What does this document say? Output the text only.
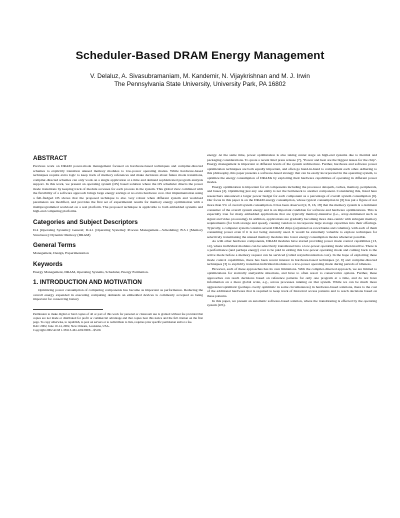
Scheduler-Based DRAM Energy Management
V. Delaluz, A. Sivasubramaniam, M. Kandemir, N. Vijaykrishnan and M. J. Irwin
The Pennsylvania State University, University Park, PA 16802
ABSTRACT

Previous work on DRAM power-mode management focused on hardware-based techniques and compiler-directed schemes to explicitly transition unused memory modules to low-power operating modes. While hardware-based techniques require extra logic to keep track of memory references and make decisions about future mode transitions, compiler-directed schemes can only work on a single application at a time and demand sophisticated program analysis support. In this work, we present an operating system (OS) based solution where the OS scheduler directs the power mode transitions by keeping track of module accesses for each process in the system. This global view combined with the flexibility of a software approach brings large energy savings at no extra hardware cost. Our implementation using a full-fledged OS shows that the proposed technique is also very robust when different system and workload parameters are modified, and provides the first set of experimental results for memory energy optimization with a multiprogrammed workload on a real platform. The proposed technique is applicable to both embedded systems and high-end computing platforms.

Categories and Subject Descriptors

D.4 [Operating Systems]: General; D.4.1 [Operating Systems]: Process Management—Scheduling; B.3.1 [Memory Structures]: Dynamic Memory (DRAM)

General Terms

Management, Design, Experimentation

Keywords

Energy Management, DRAM, Operating Systems, Scheduler, Energy Estimation.

1. INTRODUCTION AND MOTIVATION

Optimizing power consumption of computing components has become as important as performance. Reducing the overall energy expended in executing computing demands an embedded devices is commonly accepted as being important for conserving battery

Permission to make digital or hard copies of all or part of this work for personal or classroom use is granted without fee provided that copies are not made or distributed for profit or commercial advantage and that copies bear this notice and the full citation on the first page. To copy otherwise, to republish, to post on servers or to redistribute to lists, requires prior specific permission and/or a fee.

DAC 2002, June 10-14, 2002, New Orleans, Louisiana, USA.

Copyright 2002 ACM 1-58113-461-4/02/0006 ...$5.00.

energy. At the same time, power optimization is also taking center stage on high-end systems due to thermal and packaging considerations. To quote a recent Intel press release [7], "Power and heat are the biggest issues for the chip". Energy management is important at different levels of the system architecture. Further, hardware and software power optimization techniques are both equally important, and often go hand-in-hand to complement each other. Adhering to this philosophy, this paper presents a software-based strategy that can be easily incorporated in the operating system, to optimize the energy consumption of DRAMs by exploiting their hardware capabilities of operating in different power modes.

Energy optimization is important for all components including the processor datapath, caches, memory, peripherals, and buses [2]. Optimizing just any one entity is not the bottleneck to another component. Considering this, listed here researchers announced a larger power budget for each component as a percentage of overall system consumption [6]. Our focus in this paper is on the DRAM energy consumption, whose typical consumption in [6] has put a figure of not more than 5% of overall system consumption. It has been observed [2, 8, 16, 18] that the memory system is a dominant consumer of the overall system energy and is an important candidate for software and hardware optimizations. This is especially true for many embedded applications that are typically memory-intensive (i.e., array-dominated such as signal and video processing). In addition, applications are gradually becoming more data-centric with stringent memory requirements (for both storage and speed), causing vendors to incorporate large storage capacities into their offerings. Typically, a computer system contains several DRAM chips (organized as rows/banks and columns), with each of them consuming power even if it is not being currently used. It would be extremely valuable to explore techniques for selectively transitioning the unused memory modules into lower energy consumption modes whenever possible.

As with other hardware components, DRAM modules have started providing power mode control capabilities [13, 14], where individual modules can be selectively transitioned into a low-power operating mode when inactive. There is a performance (and perhaps energy) cost to be paid in exiting this low-power operating mode and coming back to the active mode before a memory request can be serviced (called resynchronization cost). In the hope of exploiting these mode control capabilities, there has been recent interest in hardware-based techniques [2, 9] and compiler-directed techniques [3] to explicitly transition individual modules to a low-power operating mode during periods of idleness.

However, each of these approaches has its own limitations. With the compiler-directed approach, we are limited to optimizations for statically analyzable situations, and have to often resort to conservative options. Further, these approaches can reach decisions based on reference patterns for only one program at a time, and do not have information on a more global scale, e.g., across processes running on that system. While we can be much more aggressive/optimistic (perhaps overly optimistic in some circumstances) in hardware-based solutions, there is the cost of the additional hardware that is required to keep track of historical access patterns and to reach decisions based on these patterns.

In this paper, we present an automatic software-based solution, where the transitioning is effected by the operating system (OS).
